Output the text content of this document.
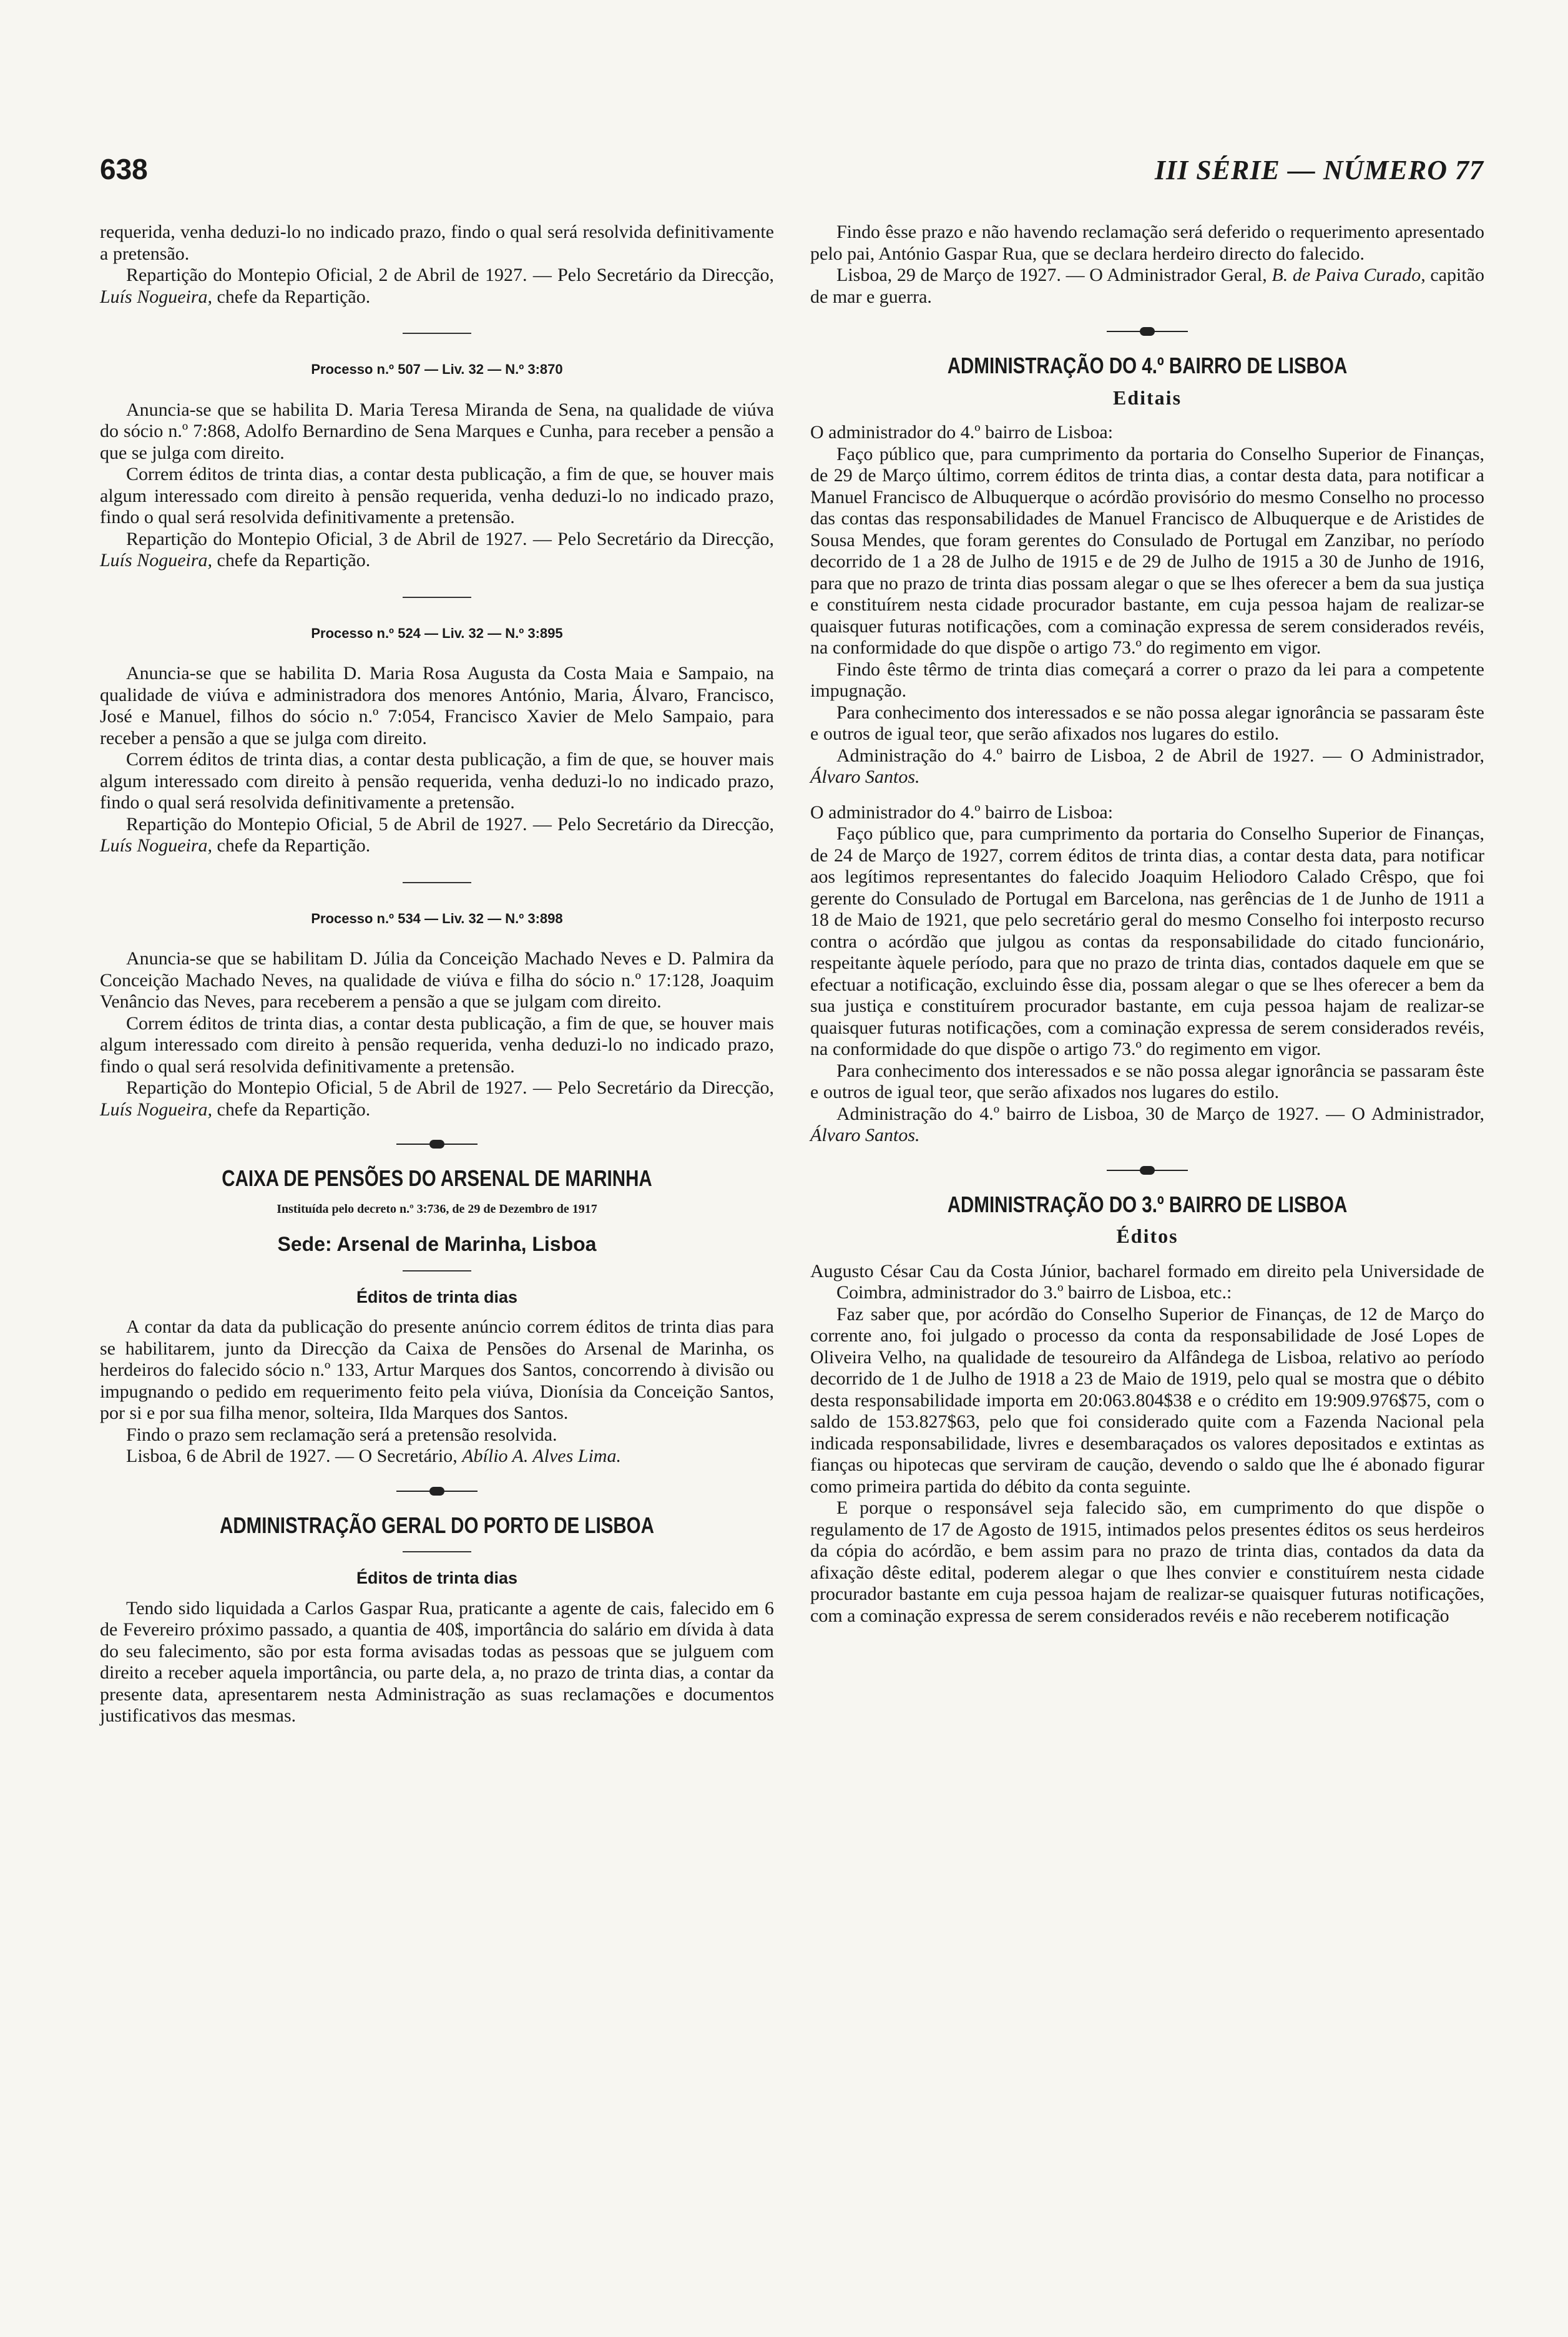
638	III SÉRIE — NÚMERO 77

requerida, venha deduzi-lo no indicado prazo, findo o qual será resolvida definitivamente a pretensão.

Repartição do Montepio Oficial, 2 de Abril de 1927. — Pelo Secretário da Direcção, Luís Nogueira, chefe da Repartição.

Processo n.º 507 — Liv. 32 — N.º 3:870

Anuncia-se que se habilita D. Maria Teresa Miranda de Sena, na qualidade de viúva do sócio n.º 7:868, Adolfo Bernardino de Sena Marques e Cunha, para receber a pensão a que se julga com direito.

Correm éditos de trinta dias, a contar desta publicação, a fim de que, se houver mais algum interessado com direito à pensão requerida, venha deduzi-lo no indicado prazo, findo o qual será resolvida definitivamente a pretensão.

Repartição do Montepio Oficial, 3 de Abril de 1927. — Pelo Secretário da Direcção, Luís Nogueira, chefe da Repartição.

Processo n.º 524 — Liv. 32 — N.º 3:895

Anuncia-se que se habilita D. Maria Rosa Augusta da Costa Maia e Sampaio, na qualidade de viúva e administradora dos menores António, Maria, Álvaro, Francisco, José e Manuel, filhos do sócio n.º 7:054, Francisco Xavier de Melo Sampaio, para receber a pensão a que se julga com direito.

Correm éditos de trinta dias, a contar desta publicação, a fim de que, se houver mais algum interessado com direito à pensão requerida, venha deduzi-lo no indicado prazo, findo o qual será resolvida definitivamente a pretensão.

Repartição do Montepio Oficial, 5 de Abril de 1927. — Pelo Secretário da Direcção, Luís Nogueira, chefe da Repartição.

Processo n.º 534 — Liv. 32 — N.º 3:898

Anuncia-se que se habilitam D. Júlia da Conceição Machado Neves e D. Palmira da Conceição Machado Neves, na qualidade de viúva e filha do sócio n.º 17:128, Joaquim Venâncio das Neves, para receberem a pensão a que se julgam com direito.

Correm éditos de trinta dias, a contar desta publicação, a fim de que, se houver mais algum interessado com direito à pensão requerida, venha deduzi-lo no indicado prazo, findo o qual será resolvida definitivamente a pretensão.

Repartição do Montepio Oficial, 5 de Abril de 1927. — Pelo Secretário da Direcção, Luís Nogueira, chefe da Repartição.

CAIXA DE PENSÕES DO ARSENAL DE MARINHA
Instituída pelo decreto n.º 3:736, de 29 de Dezembro de 1917
Sede: Arsenal de Marinha, Lisboa
Éditos de trinta dias

A contar da data da publicação do presente anúncio correm éditos de trinta dias para se habilitarem, junto da Direcção da Caixa de Pensões do Arsenal de Marinha, os herdeiros do falecido sócio n.º 133, Artur Marques dos Santos, concorrendo à divisão ou impugnando o pedido em requerimento feito pela viúva, Dionísia da Conceição Santos, por si e por sua filha menor, solteira, Ilda Marques dos Santos.

Findo o prazo sem reclamação será a pretensão resolvida.

Lisboa, 6 de Abril de 1927. — O Secretário, Abílio A. Alves Lima.

ADMINISTRAÇÃO GERAL DO PORTO DE LISBOA
Éditos de trinta dias

Tendo sido liquidada a Carlos Gaspar Rua, praticante a agente de cais, falecido em 6 de Fevereiro próximo passado, a quantia de 40$, importância do salário em dívida à data do seu falecimento, são por esta forma avisadas todas as pessoas que se julguem com direito a receber aquela importância, ou parte dela, a, no prazo de trinta dias, a contar da presente data, apresentarem nesta Administração as suas reclamações e documentos justificativos das mesmas.

Findo êsse prazo e não havendo reclamação será deferido o requerimento apresentado pelo pai, António Gaspar Rua, que se declara herdeiro directo do falecido.

Lisboa, 29 de Março de 1927. — O Administrador Geral, B. de Paiva Curado, capitão de mar e guerra.

ADMINISTRAÇÃO DO 4.º BAIRRO DE LISBOA
Editais

O administrador do 4.º bairro de Lisboa:

Faço público que, para cumprimento da portaria do Conselho Superior de Finanças, de 29 de Março último, correm éditos de trinta dias, a contar desta data, para notificar a Manuel Francisco de Albuquerque o acórdão provisório do mesmo Conselho no processo das contas das responsabilidades de Manuel Francisco de Albuquerque e de Aristides de Sousa Mendes, que foram gerentes do Consulado de Portugal em Zanzibar, no período decorrido de 1 a 28 de Julho de 1915 e de 29 de Julho de 1915 a 30 de Junho de 1916, para que no prazo de trinta dias possam alegar o que se lhes oferecer a bem da sua justiça e constituírem nesta cidade procurador bastante, em cuja pessoa hajam de realizar-se quaisquer futuras notificações, com a cominação expressa de serem considerados revéis, na conformidade do que dispõe o artigo 73.º do regimento em vigor.

Findo êste têrmo de trinta dias começará a correr o prazo da lei para a competente impugnação.

Para conhecimento dos interessados e se não possa alegar ignorância se passaram êste e outros de igual teor, que serão afixados nos lugares do estilo.

Administração do 4.º bairro de Lisboa, 2 de Abril de 1927. — O Administrador, Álvaro Santos.

O administrador do 4.º bairro de Lisboa:

Faço público que, para cumprimento da portaria do Conselho Superior de Finanças, de 24 de Março de 1927, correm éditos de trinta dias, a contar desta data, para notificar aos legítimos representantes do falecido Joaquim Heliodoro Calado Crêspo, que foi gerente do Consulado de Portugal em Barcelona, nas gerências de 1 de Junho de 1911 a 18 de Maio de 1921, que pelo secretário geral do mesmo Conselho foi interposto recurso contra o acórdão que julgou as contas da responsabilidade do citado funcionário, respeitante àquele período, para que no prazo de trinta dias, contados daquele em que se efectuar a notificação, excluindo êsse dia, possam alegar o que se lhes oferecer a bem da sua justiça e constituírem procurador bastante, em cuja pessoa hajam de realizar-se quaisquer futuras notificações, com a cominação expressa de serem considerados revéis, na conformidade do que dispõe o artigo 73.º do regimento em vigor.

Para conhecimento dos interessados e se não possa alegar ignorância se passaram êste e outros de igual teor, que serão afixados nos lugares do estilo.

Administração do 4.º bairro de Lisboa, 30 de Março de 1927. — O Administrador, Álvaro Santos.

ADMINISTRAÇÃO DO 3.º BAIRRO DE LISBOA
Éditos

Augusto César Cau da Costa Júnior, bacharel formado em direito pela Universidade de Coimbra, administrador do 3.º bairro de Lisboa, etc.:

Faz saber que, por acórdão do Conselho Superior de Finanças, de 12 de Março do corrente ano, foi julgado o processo da conta da responsabilidade de José Lopes de Oliveira Velho, na qualidade de tesoureiro da Alfândega de Lisboa, relativo ao período decorrido de 1 de Julho de 1918 a 23 de Maio de 1919, pelo qual se mostra que o débito desta responsabilidade importa em 20:063.804$38 e o crédito em 19:909.976$75, com o saldo de 153.827$63, pelo que foi considerado quite com a Fazenda Nacional pela indicada responsabilidade, livres e desembaraçados os valores depositados e extintas as fianças ou hipotecas que serviram de caução, devendo o saldo que lhe é abonado figurar como primeira partida do débito da conta seguinte.

E porque o responsável seja falecido são, em cumprimento do que dispõe o regulamento de 17 de Agosto de 1915, intimados pelos presentes éditos os seus herdeiros da cópia do acórdão, e bem assim para no prazo de trinta dias, contados da data da afixação dêste edital, poderem alegar o que lhes convier e constituírem nesta cidade procurador bastante em cuja pessoa hajam de realizar-se quaisquer futuras notificações, com a cominação expressa de serem considerados revéis e não receberem notificação
